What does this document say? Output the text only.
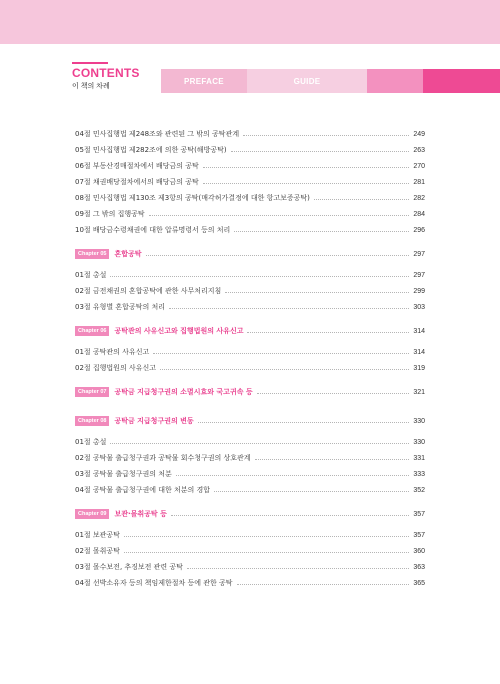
CONTENTS
이 책의 차례
PREFACE	GUIDE
04절 민사집행법 제248조와 관련된 그 밖의 공탁관계	249
05절 민사집행법 제282조에 의한 공탁(해방공탁)	263
06절 부동산경매절차에서 배당금의 공탁	270
07절 채권배당절차에서의 배당금의 공탁	281
08절 민사집행법 제130조 제3항의 공탁(매각허가결정에 대한 항고보증공탁)	282
09절 그 밖의 집행공탁	284
10절 배당금수령채권에 대한 압류명령서 등의 처리	296
Chapter 05	혼합공탁	297
01절 총설	297
02절 금전채권의 혼합공탁에 관한 사무처리지침	299
03절 유형별 혼합공탁의 처리	303
Chapter 06	공탁관의 사유신고와 집행법원의 사유신고	314
01절 공탁관의 사유신고	314
02절 집행법원의 사유신고	319
Chapter 07	공탁금 지급청구권의 소멸시효와 국고귀속 등	321
Chapter 08	공탁금 지급청구권의 변동	330
01절 총설	330
02절 공탁물 출급청구권과 공탁물 회수청구권의 상호관계	331
03절 공탁물 출급청구권의 처분	333
04절 공탁물 출급청구권에 대한 처분의 경합	352
Chapter 09	보관·몰취공탁 등	357
01절 보관공탁	357
02절 몰취공탁	360
03절 몰수보전, 추징보전 관련 공탁	363
04절 선박소유자 등의 책임제한절차 등에 관한 공탁	365
